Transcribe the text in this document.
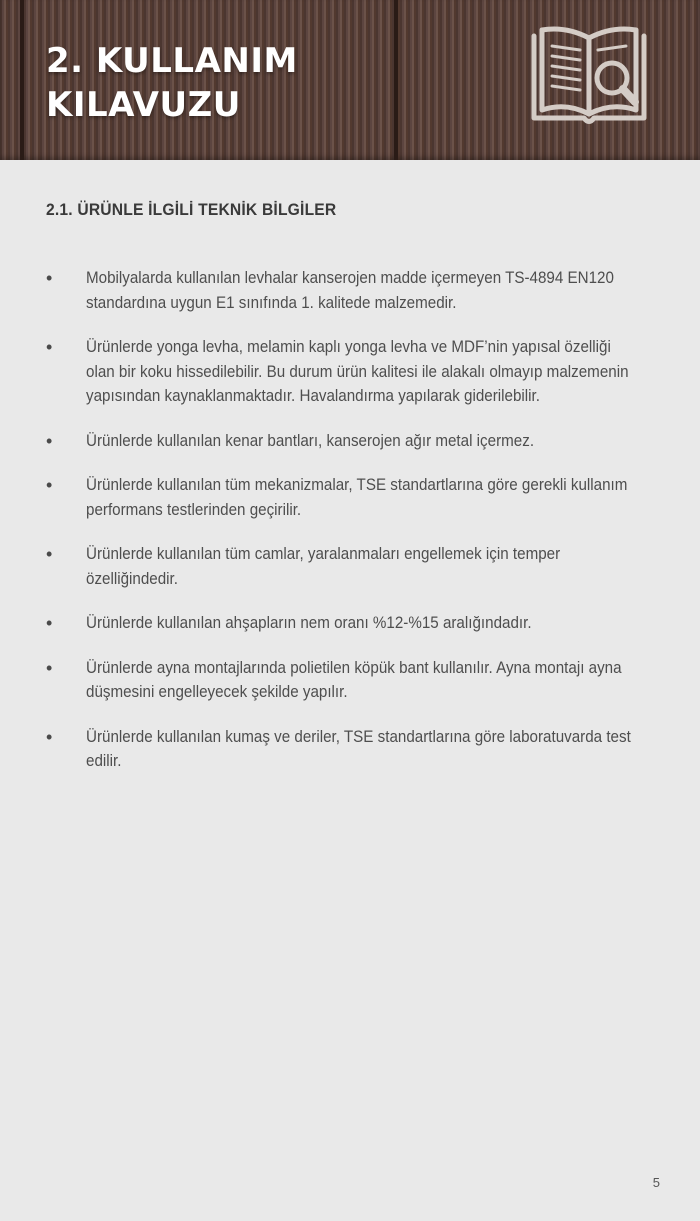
2. KULLANIM
KILAVUZU
2.1. ÜRÜNLE İLGİLİ TEKNİK BİLGİLER
• Mobilyalarda kullanılan levhalar kanserojen madde içermeyen TS-4894 EN120 standardına uygun E1 sınıfında 1. kalitede malzemedir.
• Ürünlerde yonga levha, melamin kaplı yonga levha ve MDF’nin yapısal özelliği olan bir koku hissedilebilir. Bu durum ürün kalitesi ile alakalı olmayıp malzemenin yapısından kaynaklanmaktadır. Havalandırma yapılarak giderilebilir.
• Ürünlerde kullanılan kenar bantları, kanserojen ağır metal içermez.
• Ürünlerde kullanılan tüm mekanizmalar, TSE standartlarına göre gerekli kullanım performans testlerinden geçirilir.
• Ürünlerde kullanılan tüm camlar, yaralanmaları engellemek için temper özelliğindedir.
• Ürünlerde kullanılan ahşapların nem oranı %12-%15 aralığındadır.
• Ürünlerde ayna montajlarında polietilen köpük bant kullanılır. Ayna montajı ayna düşmesini engelleyecek şekilde yapılır.
• Ürünlerde kullanılan kumaş ve deriler, TSE standartlarına göre laboratuvarda test edilir.
5
